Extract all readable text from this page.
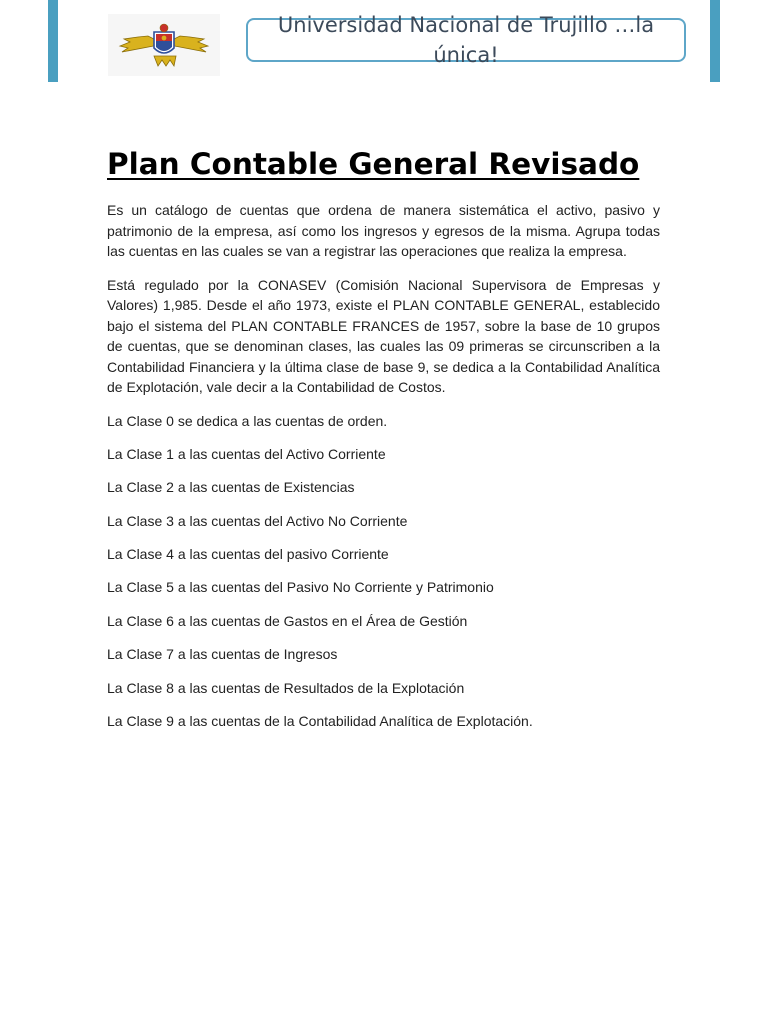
Universidad Nacional de Trujillo …la única!
Plan Contable General Revisado

Es un catálogo de cuentas que ordena de manera sistemática el activo, pasivo y patrimonio de la empresa, así como los ingresos y egresos de la misma. Agrupa todas las cuentas en las cuales se van a registrar las operaciones que realiza la empresa.

Está regulado por la CONASEV (Comisión Nacional Supervisora de Empresas y Valores) 1,985. Desde el año 1973, existe el PLAN CONTABLE GENERAL, establecido bajo el sistema del PLAN CONTABLE FRANCES de 1957, sobre la base de 10 grupos de cuentas, que se denominan clases, las cuales las 09 primeras se circunscriben a la Contabilidad Financiera y la última clase de base 9, se dedica a la Contabilidad Analítica de Explotación, vale decir a la Contabilidad de Costos.

La Clase 0 se dedica a las cuentas de orden.

La Clase 1 a las cuentas del Activo Corriente

La Clase 2 a las cuentas de Existencias

La Clase 3 a las cuentas del Activo No Corriente

La Clase 4 a las cuentas del pasivo Corriente

La Clase 5 a las cuentas del Pasivo No Corriente y Patrimonio

La Clase 6 a las cuentas de Gastos en el Área de Gestión

La Clase 7 a las cuentas de Ingresos

La Clase 8 a las cuentas de Resultados de la Explotación

La Clase 9 a las cuentas de la Contabilidad Analítica de Explotación.
